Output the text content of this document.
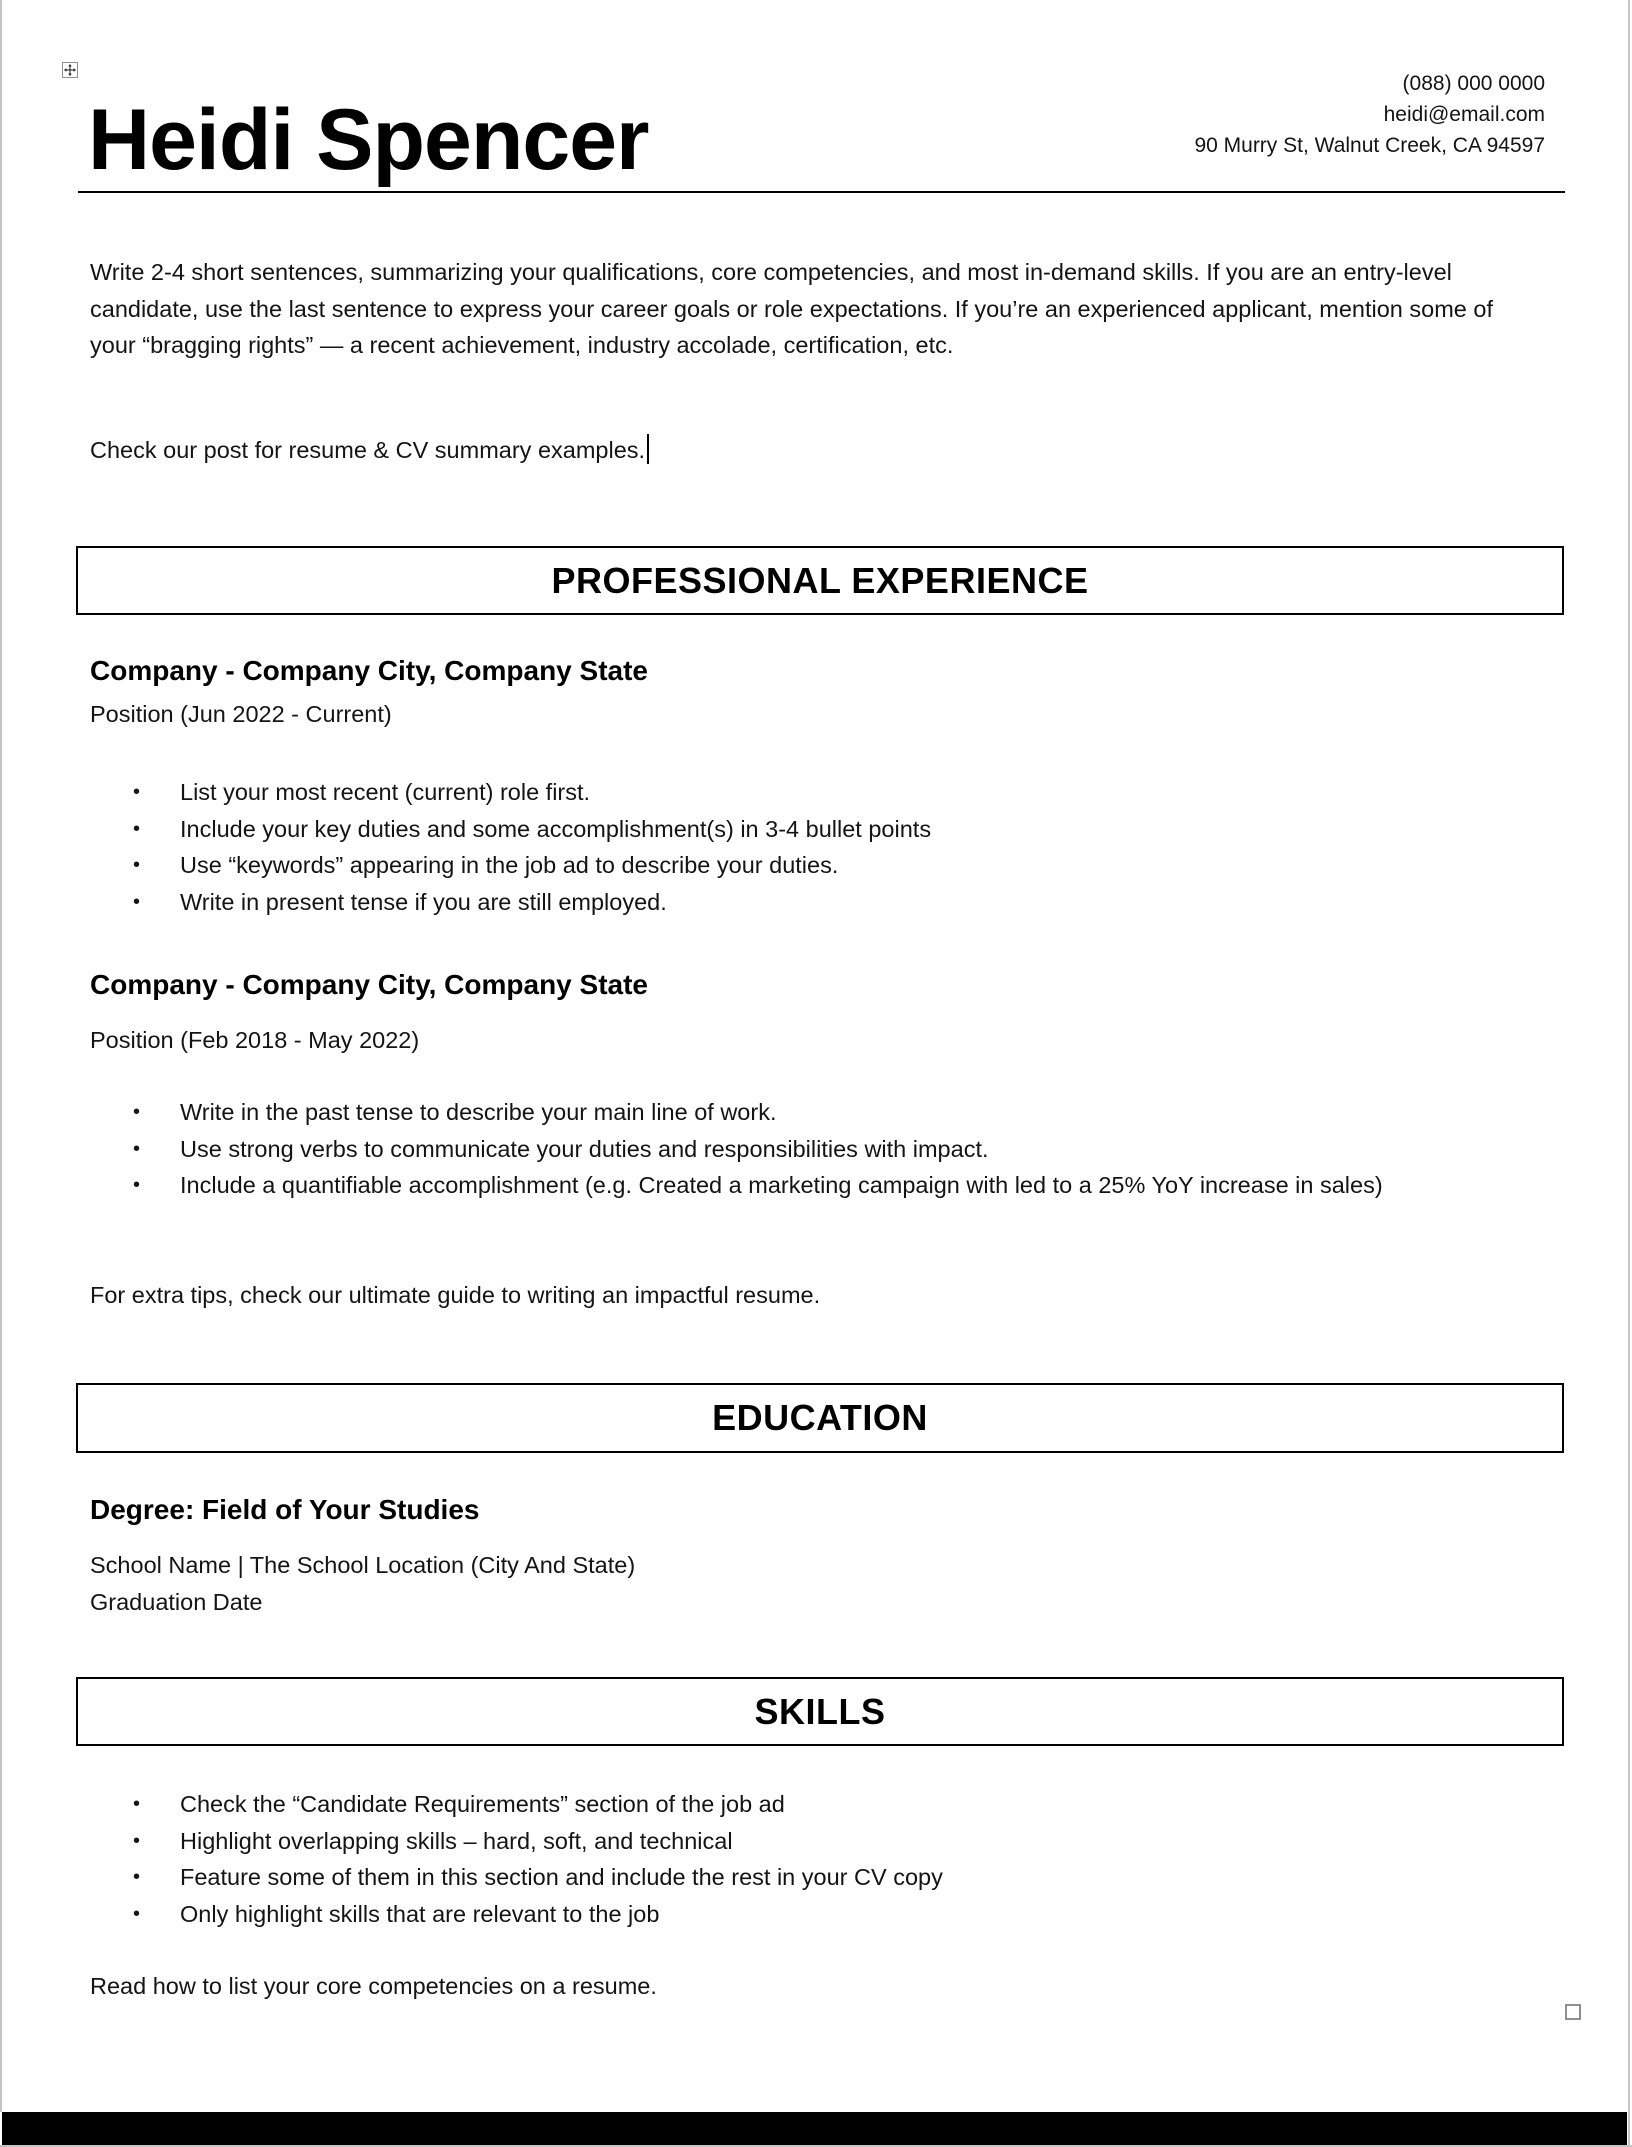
Heidi Spencer
(088) 000 0000
heidi@email.com
90 Murry St, Walnut Creek, CA 94597

Write 2-4 short sentences, summarizing your qualifications, core competencies, and most in-demand skills. If you are an entry-level candidate, use the last sentence to express your career goals or role expectations. If you’re an experienced applicant, mention some of your “bragging rights” — a recent achievement, industry accolade, certification, etc.

Check our post for resume & CV summary examples.

PROFESSIONAL EXPERIENCE
Company - Company City, Company State
Position (Jun 2022 - Current)
• List your most recent (current) role first.
• Include your key duties and some accomplishment(s) in 3-4 bullet points
• Use “keywords” appearing in the job ad to describe your duties.
• Write in present tense if you are still employed.
Company - Company City, Company State
Position (Feb 2018 - May 2022)
• Write in the past tense to describe your main line of work.
• Use strong verbs to communicate your duties and responsibilities with impact.
• Include a quantifiable accomplishment (e.g. Created a marketing campaign with led to a 25% YoY increase in sales)

For extra tips, check our ultimate guide to writing an impactful resume.

EDUCATION
Degree: Field of Your Studies
School Name | The School Location (City And State)
Graduation Date
SKILLS
• Check the “Candidate Requirements” section of the job ad
• Highlight overlapping skills – hard, soft, and technical
• Feature some of them in this section and include the rest in your CV copy
• Only highlight skills that are relevant to the job

Read how to list your core competencies on a resume.
